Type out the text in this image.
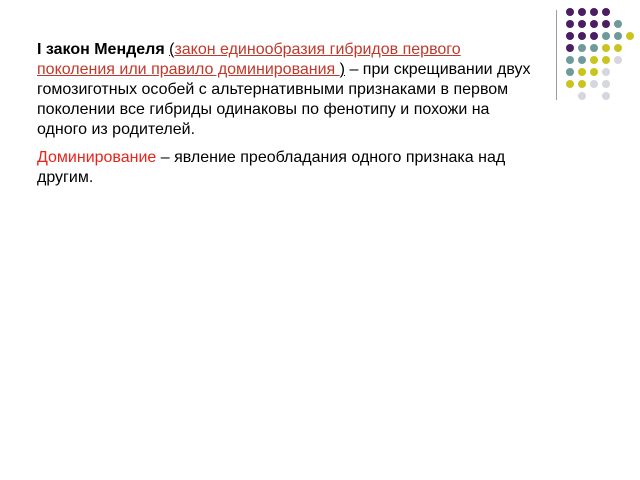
I закон Менделя (закон единообразия гибридов первого поколения или правило доминирования ) – при скрещивании двух гомозиготных особей с альтернативными признаками в первом поколении все гибриды одинаковы по фенотипу и похожи на одного из родителей.

Доминирование – явление преобладания одного признака над другим.
